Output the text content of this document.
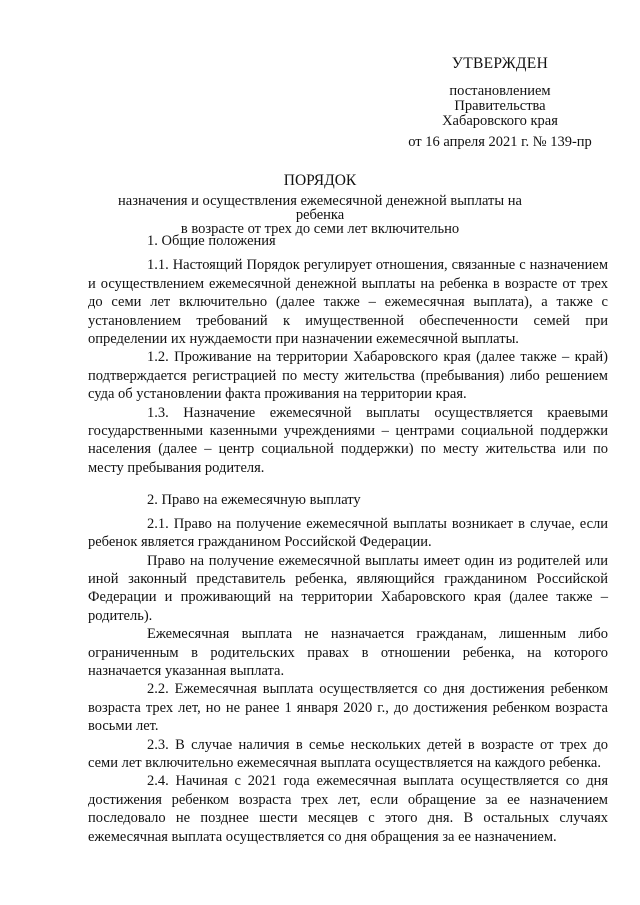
УТВЕРЖДЕН
постановлением
Правительства
Хабаровского края
от 16 апреля 2021 г. № 139-пр
ПОРЯДОК
назначения и осуществления ежемесячной денежной выплаты на ребенка
в возрасте от трех до семи лет включительно

1. Общие положения

1.1. Настоящий Порядок регулирует отношения, связанные с назначением и осуществлением ежемесячной денежной выплаты на ребенка в возрасте от трех до семи лет включительно (далее также – ежемесячная выплата), а также с установлением требований к имущественной обеспеченности семей при определении их нуждаемости при назначении ежемесячной выплаты.

1.2. Проживание на территории Хабаровского края (далее также – край) подтверждается регистрацией по месту жительства (пребывания) либо решением суда об установлении факта проживания на территории края.

1.3. Назначение ежемесячной выплаты осуществляется краевыми государственными казенными учреждениями – центрами социальной поддержки населения (далее – центр социальной поддержки) по месту жительства или по месту пребывания родителя.

2. Право на ежемесячную выплату

2.1. Право на получение ежемесячной выплаты возникает в случае, если ребенок является гражданином Российской Федерации.

Право на получение ежемесячной выплаты имеет один из родителей или иной законный представитель ребенка, являющийся гражданином Российской Федерации и проживающий на территории Хабаровского края (далее также – родитель).

Ежемесячная выплата не назначается гражданам, лишенным либо ограниченным в родительских правах в отношении ребенка, на которого назначается указанная выплата.

2.2. Ежемесячная выплата осуществляется со дня достижения ребенком возраста трех лет, но не ранее 1 января 2020 г., до достижения ребенком возраста восьми лет.

2.3. В случае наличия в семье нескольких детей в возрасте от трех до семи лет включительно ежемесячная выплата осуществляется на каждого ребенка.

2.4. Начиная с 2021 года ежемесячная выплата осуществляется со дня достижения ребенком возраста трех лет, если обращение за ее назначением последовало не позднее шести месяцев с этого дня. В остальных случаях ежемесячная выплата осуществляется со дня обращения за ее назначением.
